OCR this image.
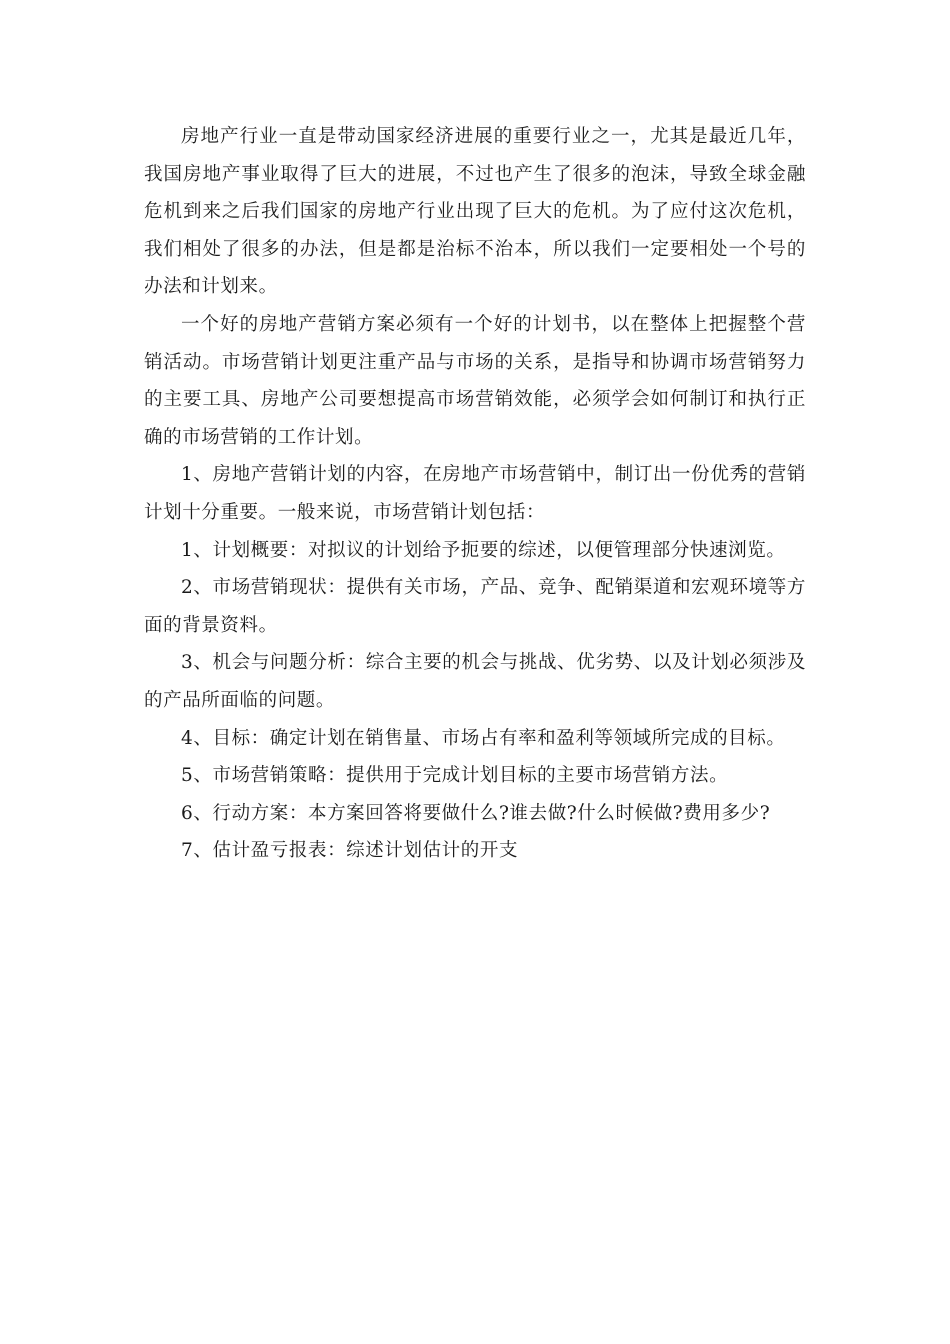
房地产行业一直是带动国家经济进展的重要行业之一，尤其是最近几年，我国房地产事业取得了巨大的进展，不过也产生了很多的泡沫，导致全球金融危机到来之后我们国家的房地产行业出现了巨大的危机。为了应付这次危机，我们相处了很多的办法，但是都是治标不治本，所以我们一定要相处一个号的办法和计划来。

一个好的房地产营销方案必须有一个好的计划书，以在整体上把握整个营销活动。市场营销计划更注重产品与市场的关系，是指导和协调市场营销努力的主要工具、房地产公司要想提高市场营销效能，必须学会如何制订和执行正确的市场营销的工作计划。

1、房地产营销计划的内容，在房地产市场营销中，制订出一份优秀的营销计划十分重要。一般来说，市场营销计划包括：

1、计划概要：对拟议的计划给予扼要的综述，以便管理部分快速浏览。

2、市场营销现状：提供有关市场，产品、竞争、配销渠道和宏观环境等方面的背景资料。

3、机会与问题分析：综合主要的机会与挑战、优劣势、以及计划必须涉及的产品所面临的问题。

4、目标：确定计划在销售量、市场占有率和盈利等领域所完成的目标。

5、市场营销策略：提供用于完成计划目标的主要市场营销方法。

6、行动方案：本方案回答将要做什么?谁去做?什么时候做?费用多少?

7、估计盈亏报表：综述计划估计的开支
